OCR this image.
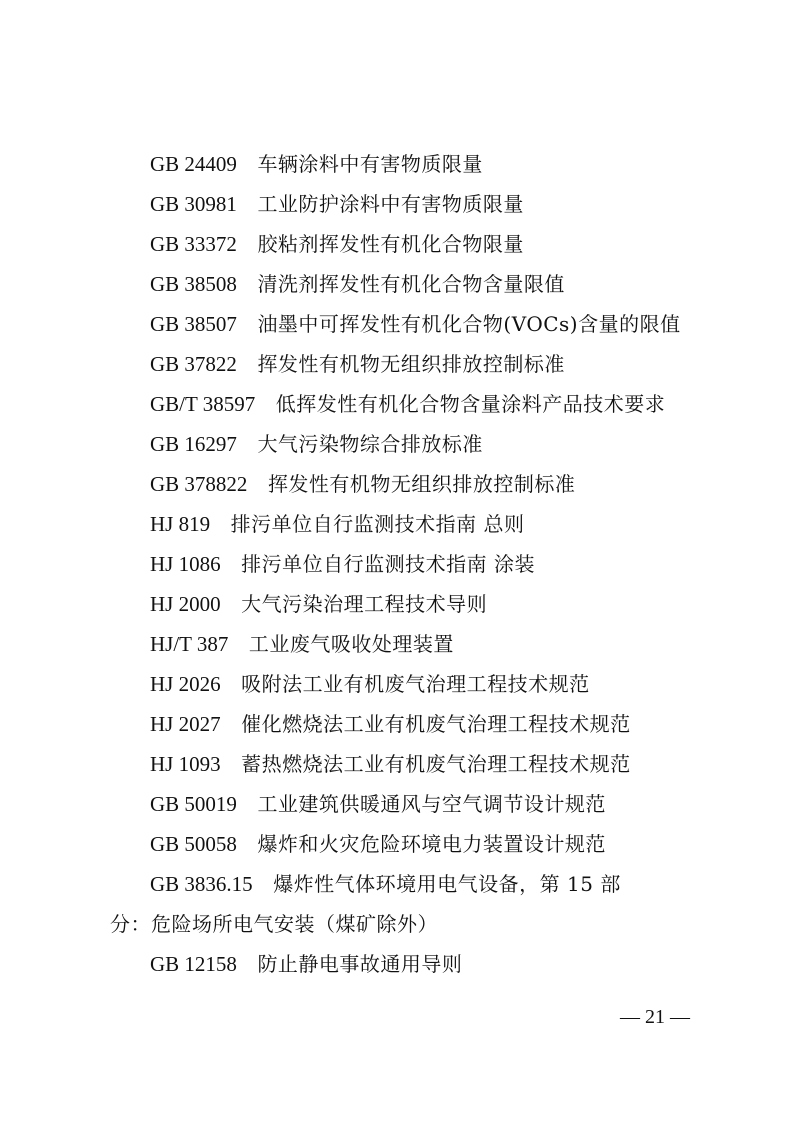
GB 24409　 车辆涂料中有害物质限量
GB 30981　 工业防护涂料中有害物质限量
GB 33372　 胶粘剂挥发性有机化合物限量
GB 38508　 清洗剂挥发性有机化合物含量限值
GB 38507　 油墨中可挥发性有机化合物(VOCs)含量的限值
GB 37822　 挥发性有机物无组织排放控制标准
GB/T 38597　 低挥发性有机化合物含量涂料产品技术要求
GB 16297　 大气污染物综合排放标准
GB 378822　 挥发性有机物无组织排放控制标准
HJ 819　 排污单位自行监测技术指南 总则
HJ 1086　 排污单位自行监测技术指南 涂装
HJ 2000　 大气污染治理工程技术导则
HJ/T 387　 工业废气吸收处理装置
HJ 2026　 吸附法工业有机废气治理工程技术规范
HJ 2027　 催化燃烧法工业有机废气治理工程技术规范
HJ 1093　 蓄热燃烧法工业有机废气治理工程技术规范
GB 50019　 工业建筑供暖通风与空气调节设计规范
GB 50058　 爆炸和火灾危险环境电力装置设计规范
GB 3836.15　 爆炸性气体环境用电气设备，第 15 部分：危险场所电气安装（煤矿除外）
GB 12158　 防止静电事故通用导则
— 21 —
